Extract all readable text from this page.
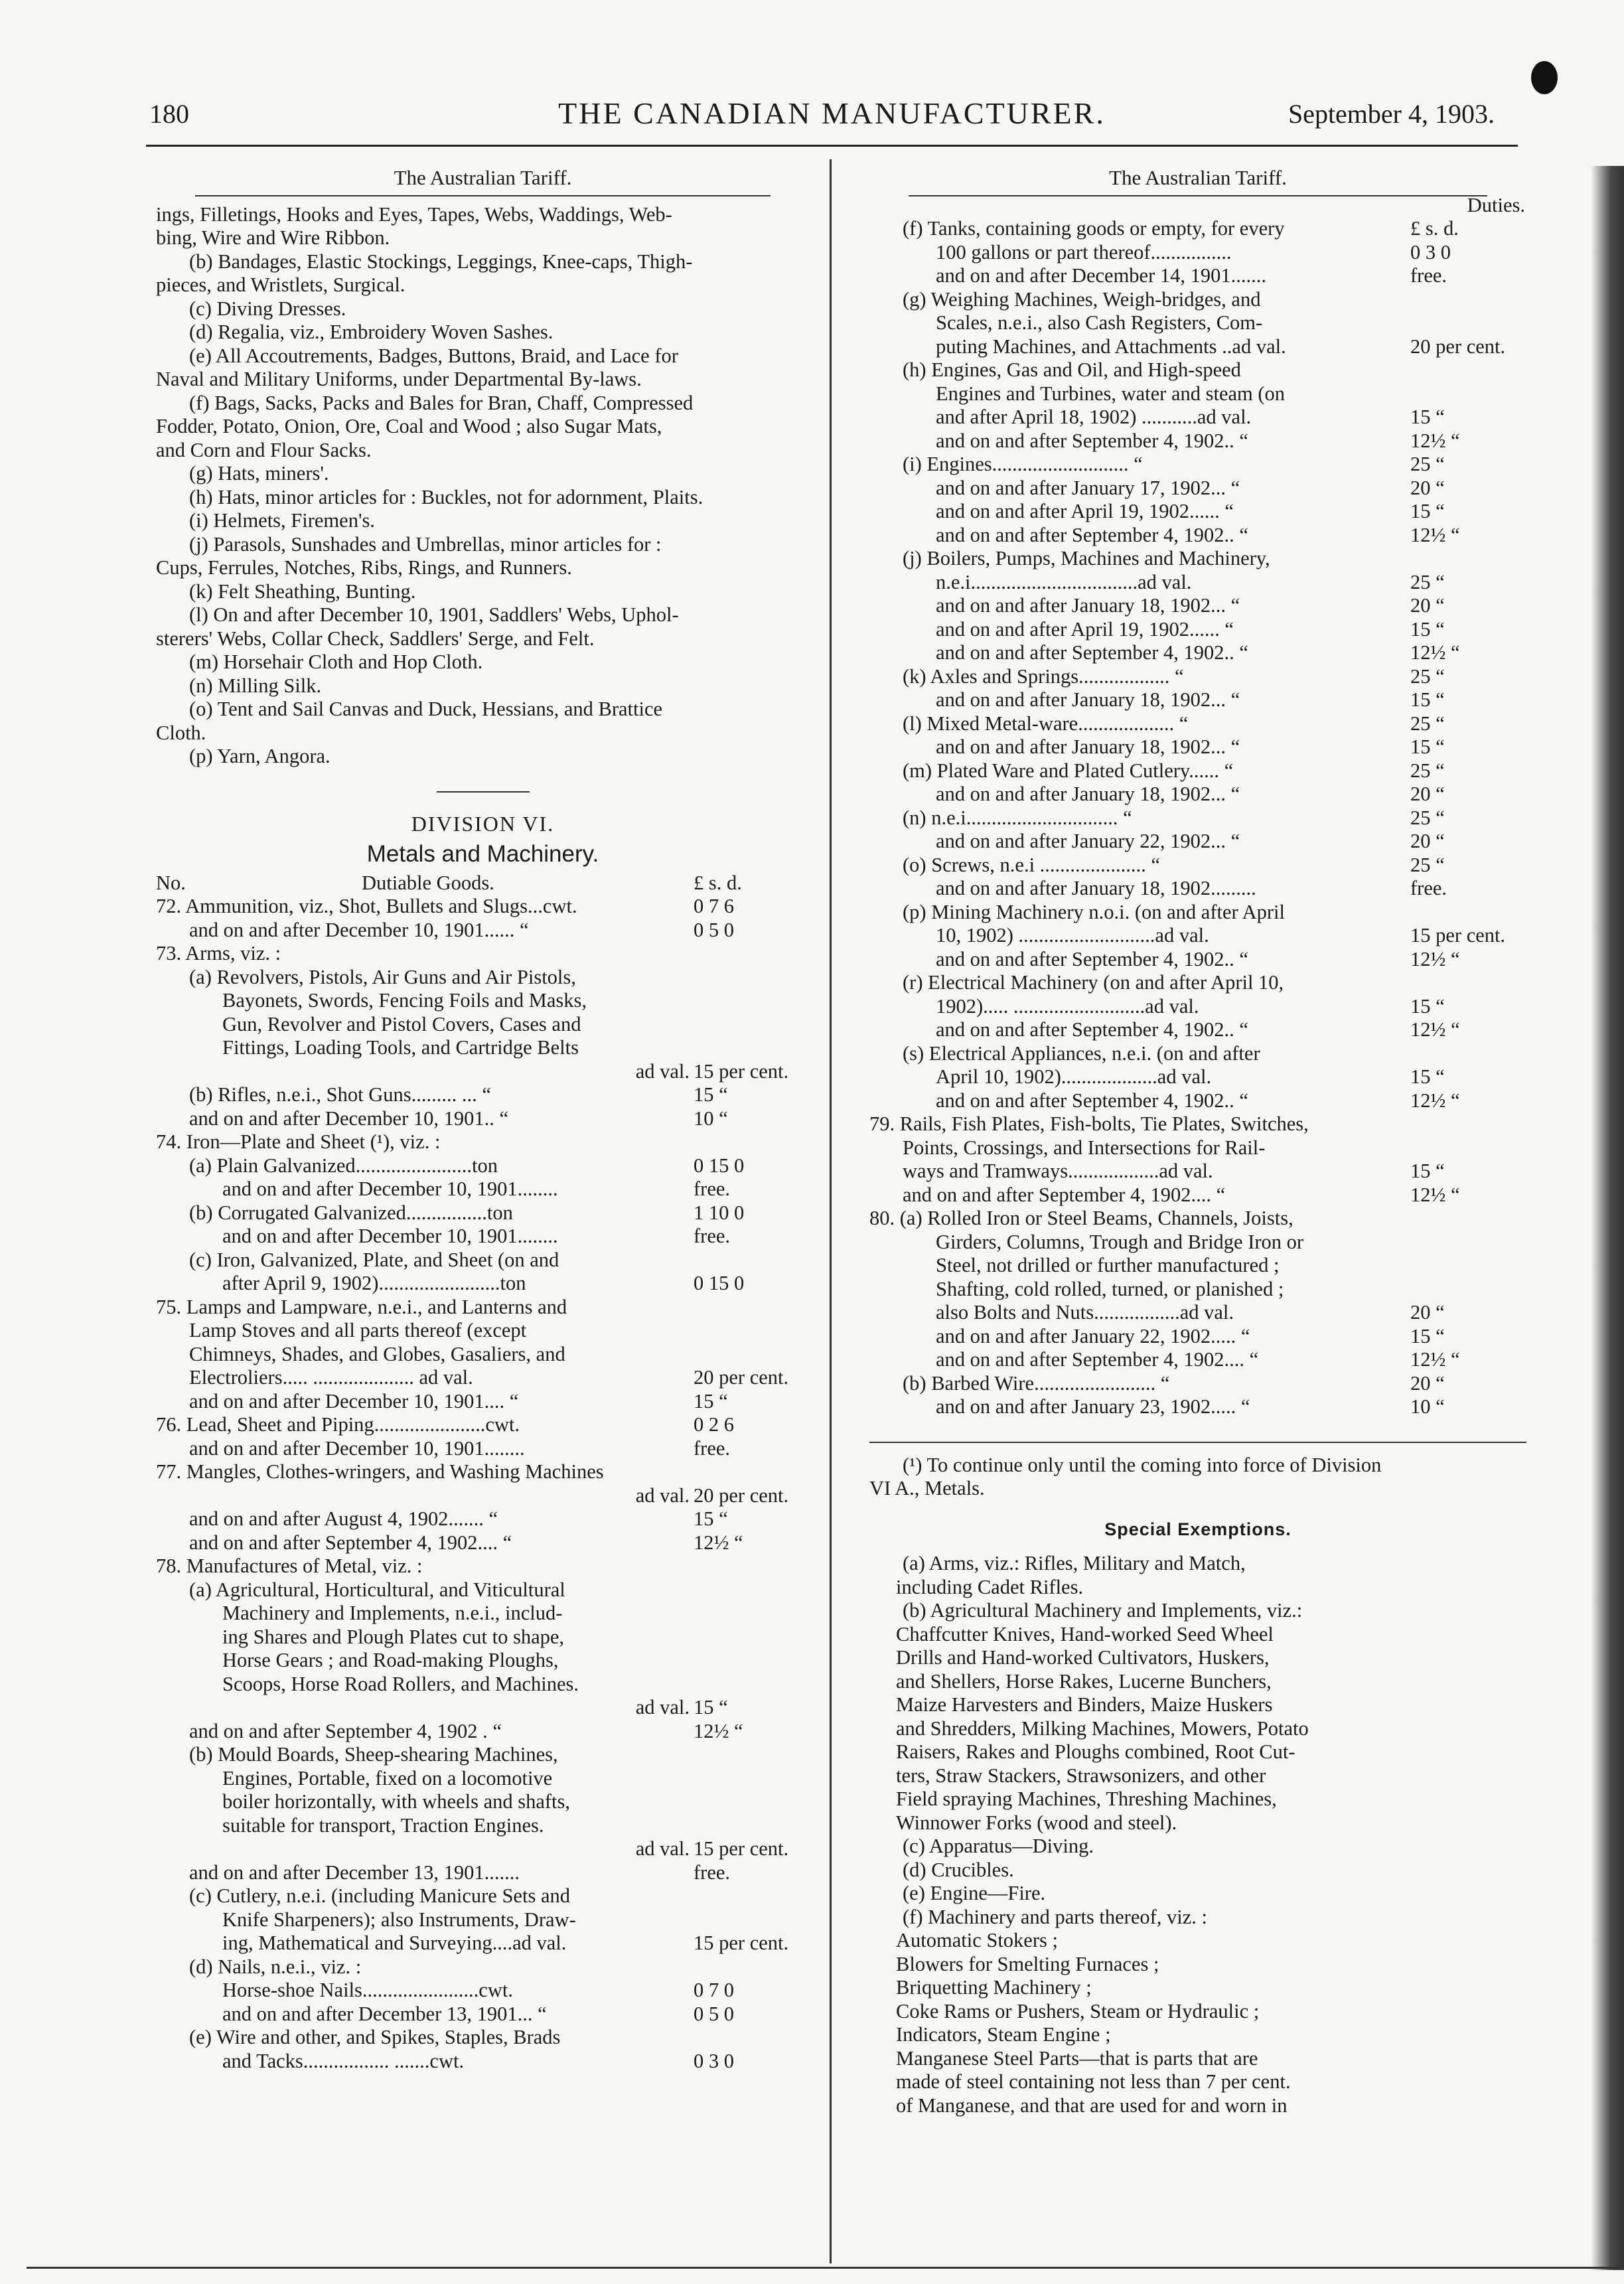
180	THE CANADIAN MANUFACTURER.	September 4, 1903.
The Australian Tariff.
ings, Filletings, Hooks and Eyes, Tapes, Webs, Waddings, Web-
bing, Wire and Wire Ribbon.
(b) Bandages, Elastic Stockings, Leggings, Knee-caps, Thigh-
pieces, and Wristlets, Surgical.
(c) Diving Dresses.
(d) Regalia, viz., Embroidery Woven Sashes.
(e) All Accoutrements, Badges, Buttons, Braid, and Lace for
Naval and Military Uniforms, under Departmental By-laws.
(f) Bags, Sacks, Packs and Bales for Bran, Chaff, Compressed
Fodder, Potato, Onion, Ore, Coal and Wood ; also Sugar Mats,
and Corn and Flour Sacks.
(g) Hats, miners'.
(h) Hats, minor articles for : Buckles, not for adornment, Plaits.
(i) Helmets, Firemen's.
(j) Parasols, Sunshades and Umbrellas, minor articles for :
Cups, Ferrules, Notches, Ribs, Rings, and Runners.
(k) Felt Sheathing, Bunting.
(l) On and after December 10, 1901, Saddlers' Webs, Uphol-
sterers' Webs, Collar Check, Saddlers' Serge, and Felt.
(m) Horsehair Cloth and Hop Cloth.
(n) Milling Silk.
(o) Tent and Sail Canvas and Duck, Hessians, and Brattice
Cloth.
(p) Yarn, Angora.
DIVISION VI.
Metals and Machinery.
No.	Dutiable Goods.	£ s. d.
72. Ammunition, viz., Shot, Bullets and Slugs...cwt.	0 7 6
and on and after December 10, 1901...... “	0 5 0
73. Arms, viz. :
(a) Revolvers, Pistols, Air Guns and Air Pistols,
Bayonets, Swords, Fencing Foils and Masks,
Gun, Revolver and Pistol Covers, Cases and
Fittings, Loading Tools, and Cartridge Belts
ad val. 15 per cent.
(b) Rifles, n.e.i., Shot Guns......... ... “	15 “
and on and after December 10, 1901.. “	10 “
74. Iron—Plate and Sheet (¹), viz. :
(a) Plain Galvanized.......................ton	0 15 0
and on and after December 10, 1901........	free.
(b) Corrugated Galvanized................ton	1 10 0
and on and after December 10, 1901........	free.
(c) Iron, Galvanized, Plate, and Sheet (on and
after April 9, 1902)........................ton	0 15 0
75. Lamps and Lampware, n.e.i., and Lanterns and
Lamp Stoves and all parts thereof (except
Chimneys, Shades, and Globes, Gasaliers, and
Electroliers..... .................... ad val.	20 per cent.
and on and after December 10, 1901.... “	15 “
76. Lead, Sheet and Piping......................cwt.	0 2 6
and on and after December 10, 1901........	free.
77. Mangles, Clothes-wringers, and Washing Machines
ad val. 20 per cent.
and on and after August 4, 1902....... “	15 “
and on and after September 4, 1902.... “	12½ “
78. Manufactures of Metal, viz. :
(a) Agricultural, Horticultural, and Viticultural
Machinery and Implements, n.e.i., includ-
ing Shares and Plough Plates cut to shape,
Horse Gears ; and Road-making Ploughs,
Scoops, Horse Road Rollers, and Machines.
ad val. 15 “
and on and after September 4, 1902 . “	12½ “
(b) Mould Boards, Sheep-shearing Machines,
Engines, Portable, fixed on a locomotive
boiler horizontally, with wheels and shafts,
suitable for transport, Traction Engines.
ad val. 15 per cent.
and on and after December 13, 1901.......	free.
(c) Cutlery, n.e.i. (including Manicure Sets and
Knife Sharpeners); also Instruments, Draw-
ing, Mathematical and Surveying....ad val.	15 per cent.
(d) Nails, n.e.i., viz. :
Horse-shoe Nails.......................cwt.	0 7 0
and on and after December 13, 1901... “	0 5 0
(e) Wire and other, and Spikes, Staples, Brads
and Tacks................. .......cwt.	0 3 0
The Australian Tariff.
Duties.
(f) Tanks, containing goods or empty, for every	£ s. d.
100 gallons or part thereof................	0 3 0
and on and after December 14, 1901.......	free.
(g) Weighing Machines, Weigh-bridges, and
Scales, n.e.i., also Cash Registers, Com-
puting Machines, and Attachments ..ad val.	20 per cent.
(h) Engines, Gas and Oil, and High-speed
Engines and Turbines, water and steam (on
and after April 18, 1902) ...........ad val.	15 “
and on and after September 4, 1902.. “	12½ “
(i) Engines........................... “	25 “
and on and after January 17, 1902... “	20 “
and on and after April 19, 1902...... “	15 “
and on and after September 4, 1902.. “	12½ “
(j) Boilers, Pumps, Machines and Machinery,
n.e.i.................................ad val.	25 “
and on and after January 18, 1902... “	20 “
and on and after April 19, 1902...... “	15 “
and on and after September 4, 1902.. “	12½ “
(k) Axles and Springs.................. “	25 “
and on and after January 18, 1902... “	15 “
(l) Mixed Metal-ware................... “	25 “
and on and after January 18, 1902... “	15 “
(m) Plated Ware and Plated Cutlery...... “	25 “
and on and after January 18, 1902... “	20 “
(n) n.e.i.............................. “	25 “
and on and after January 22, 1902... “	20 “
(o) Screws, n.e.i ..................... “	25 “
and on and after January 18, 1902.........	free.
(p) Mining Machinery n.o.i. (on and after April
10, 1902) ...........................ad val.	15 per cent.
and on and after September 4, 1902.. “	12½ “
(r) Electrical Machinery (on and after April 10,
1902)..... ..........................ad val.	15 “
and on and after September 4, 1902.. “	12½ “
(s) Electrical Appliances, n.e.i. (on and after
April 10, 1902)...................ad val.	15 “
and on and after September 4, 1902.. “	12½ “
79. Rails, Fish Plates, Fish-bolts, Tie Plates, Switches,
Points, Crossings, and Intersections for Rail-
ways and Tramways..................ad val.	15 “
and on and after September 4, 1902.... “	12½ “
80. (a) Rolled Iron or Steel Beams, Channels, Joists,
Girders, Columns, Trough and Bridge Iron or
Steel, not drilled or further manufactured ;
Shafting, cold rolled, turned, or planished ;
also Bolts and Nuts.................ad val.	20 “
and on and after January 22, 1902..... “	15 “
and on and after September 4, 1902.... “	12½ “
(b) Barbed Wire........................ “	20 “
and on and after January 23, 1902..... “	10 “
(¹) To continue only until the coming into force of Division
VI A., Metals.
Special Exemptions.
(a) Arms, viz.: Rifles, Military and Match,
including Cadet Rifles.
(b) Agricultural Machinery and Implements, viz.:
Chaffcutter Knives, Hand-worked Seed Wheel
Drills and Hand-worked Cultivators, Huskers,
and Shellers, Horse Rakes, Lucerne Bunchers,
Maize Harvesters and Binders, Maize Huskers
and Shredders, Milking Machines, Mowers, Potato
Raisers, Rakes and Ploughs combined, Root Cut-
ters, Straw Stackers, Strawsonizers, and other
Field spraying Machines, Threshing Machines,
Winnower Forks (wood and steel).
(c) Apparatus—Diving.
(d) Crucibles.
(e) Engine—Fire.
(f) Machinery and parts thereof, viz. :
Automatic Stokers ;
Blowers for Smelting Furnaces ;
Briquetting Machinery ;
Coke Rams or Pushers, Steam or Hydraulic ;
Indicators, Steam Engine ;
Manganese Steel Parts—that is parts that are
made of steel containing not less than 7 per cent.
of Manganese, and that are used for and worn in
